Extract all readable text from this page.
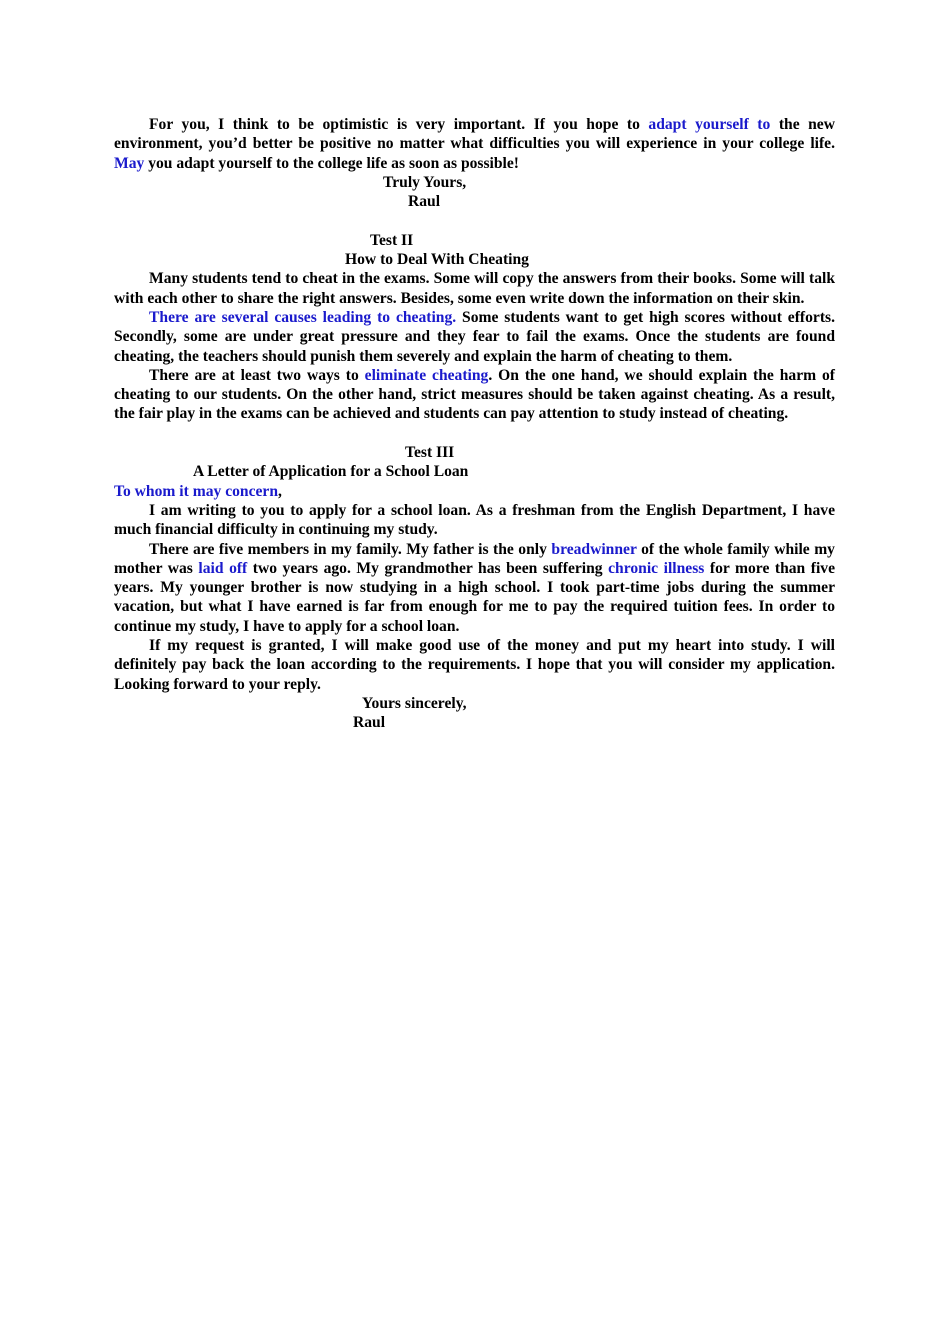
For you, I think to be optimistic is very important. If you hope to adapt yourself to the new environment, you’d better be positive no matter what difficulties you will experience in your college life. May you adapt yourself to the college life as soon as possible!

Truly Yours,
Raul
Test II
How to Deal With Cheating

Many students tend to cheat in the exams. Some will copy the answers from their books. Some will talk with each other to share the right answers. Besides, some even write down the information on their skin.

There are several causes leading to cheating. Some students want to get high scores without efforts. Secondly, some are under great pressure and they fear to fail the exams. Once the students are found cheating, the teachers should punish them severely and explain the harm of cheating to them.

There are at least two ways to eliminate cheating. On the one hand, we should explain the harm of cheating to our students. On the other hand, strict measures should be taken against cheating. As a result, the fair play in the exams can be achieved and students can pay attention to study instead of cheating.

Test III
A Letter of Application for a School Loan
To whom it may concern,

I am writing to you to apply for a school loan. As a freshman from the English Department, I have much financial difficulty in continuing my study.

There are five members in my family. My father is the only breadwinner of the whole family while my mother was laid off two years ago. My grandmother has been suffering chronic illness for more than five years. My younger brother is now studying in a high school. I took part-time jobs during the summer vacation, but what I have earned is far from enough for me to pay the required tuition fees. In order to continue my study, I have to apply for a school loan.

If my request is granted, I will make good use of the money and put my heart into study. I will definitely pay back the loan according to the requirements. I hope that you will consider my application. Looking forward to your reply.

Yours sincerely,
Raul
